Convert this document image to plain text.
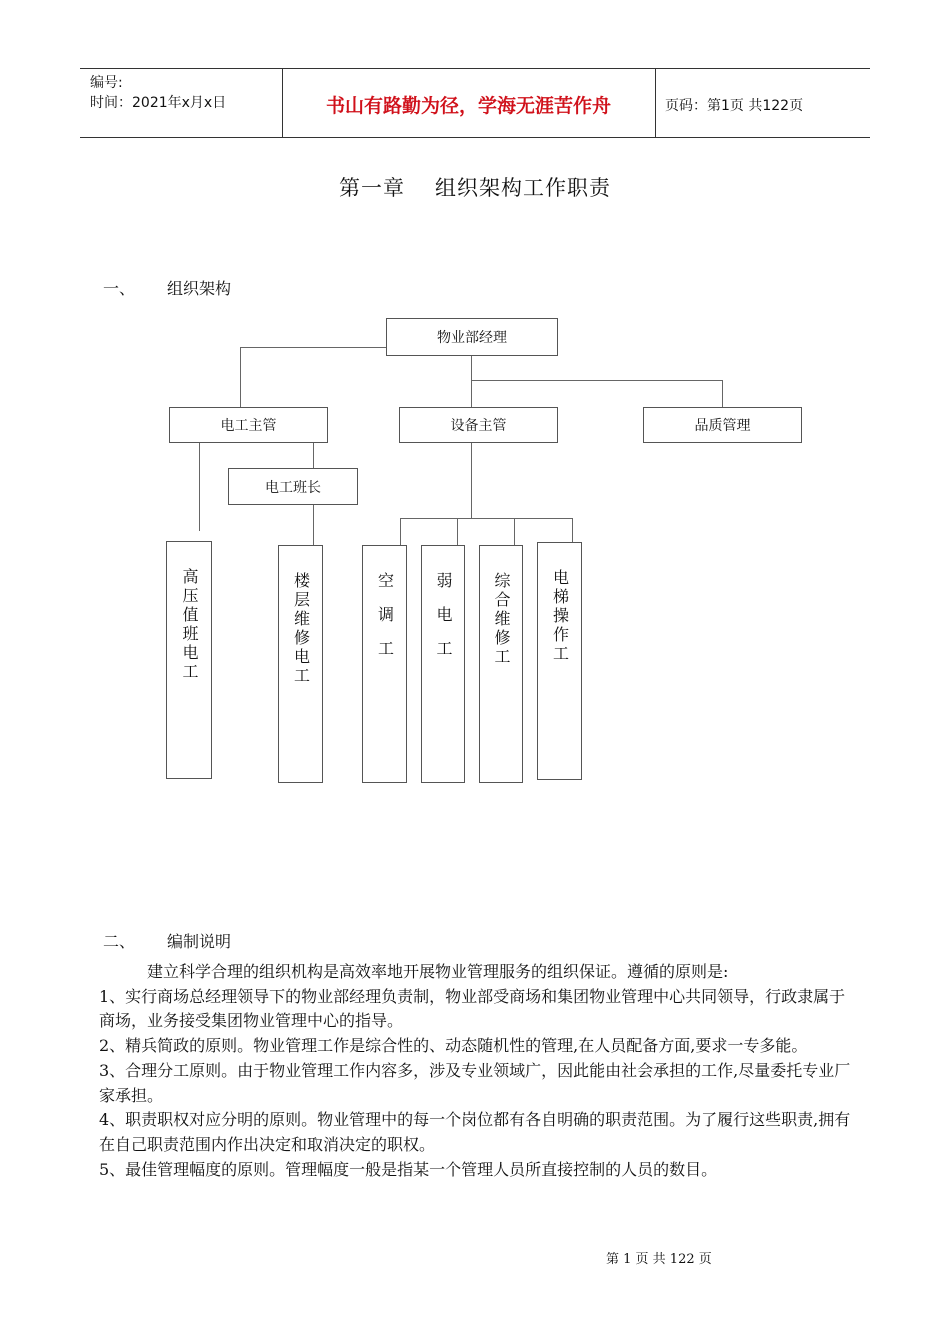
编号:
时间：2021年x月x日	书山有路勤为径，学海无涯苦作舟	页码：第1页 共122页
第一章 组织架构工作职责
一、 组织架构
物业部经理
电工主管	设备主管	品质管理
电工班长
高压值班电工	楼层维修电工	空调工 弱电工 综合维修工 电梯操作工
二、 编制说明

建立科学合理的组织机构是高效率地开展物业管理服务的组织保证。遵循的原则是:

1、实行商场总经理领导下的物业部经理负责制，物业部受商场和集团物业管理中心共同领导，行政隶属于商场，业务接受集团物业管理中心的指导。

2、精兵简政的原则。物业管理工作是综合性的、动态随机性的管理,在人员配备方面,要求一专多能。

3、合理分工原则。由于物业管理工作内容多，涉及专业领域广，因此能由社会承担的工作,尽量委托专业厂家承担。

4、职责职权对应分明的原则。物业管理中的每一个岗位都有各自明确的职责范围。为了履行这些职责,拥有在自己职责范围内作出决定和取消决定的职权。

5、最佳管理幅度的原则。管理幅度一般是指某一个管理人员所直接控制的人员的数目。

第 1 页 共 122 页
